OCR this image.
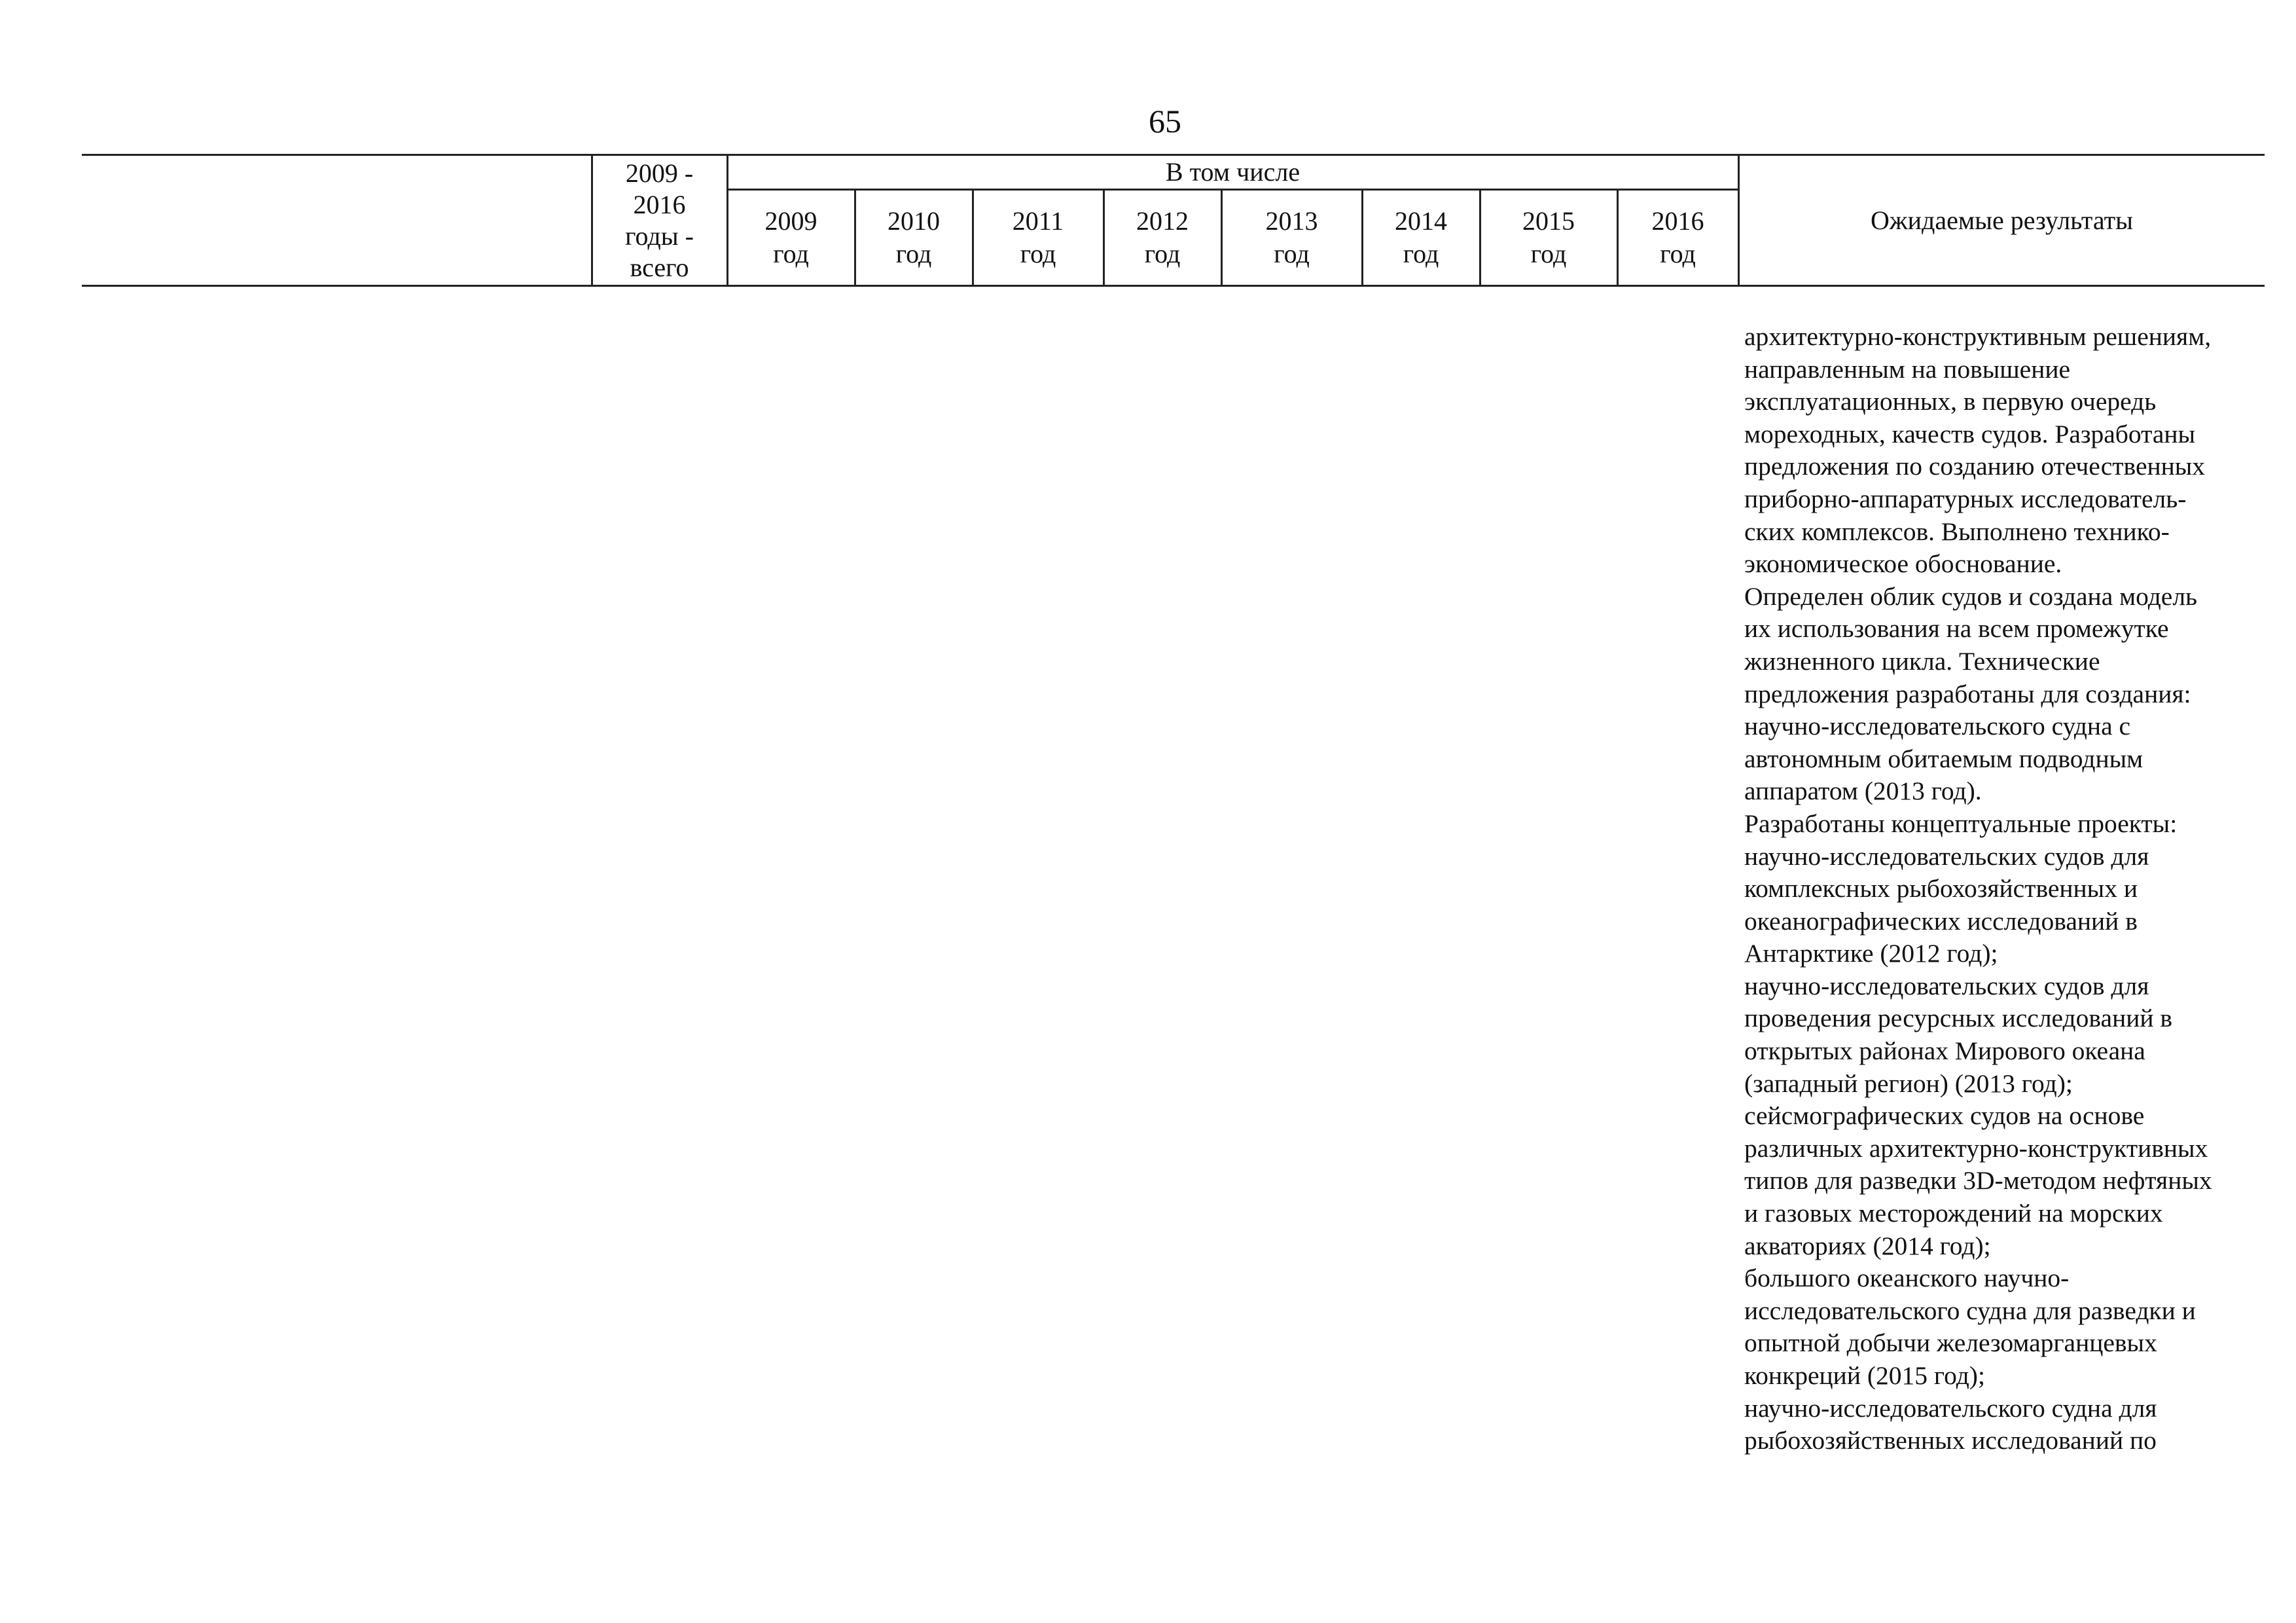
65
2009 -
2016
годы -
всего
В том числе
2009
год
2010
год
2011
год
2012
год
2013
год
2014
год
2015
год
2016
год
Ожидаемые результаты
архитектурно-конструктивным решениям,
направленным на повышение
эксплуатационных, в первую очередь
мореходных, качеств судов. Разработаны
предложения по созданию отечественных
приборно-аппаратурных исследователь-
ских комплексов. Выполнено технико-
экономическое обоснование.
Определен облик судов и создана модель
их использования на всем промежутке
жизненного цикла. Технические
предложения разработаны для создания:
научно-исследовательского судна с
автономным обитаемым подводным
аппаратом (2013 год).
Разработаны концептуальные проекты:
научно-исследовательских судов для
комплексных рыбохозяйственных и
океанографических исследований в
Антарктике (2012 год);
научно-исследовательских судов для
проведения ресурсных исследований в
открытых районах Мирового океана
(западный регион) (2013 год);
сейсмографических судов на основе
различных архитектурно-конструктивных
типов для разведки 3D-методом нефтяных
и газовых месторождений на морских
акваториях (2014 год);
большого океанского научно-
исследовательского судна для разведки и
опытной добычи железомарганцевых
конкреций (2015 год);
научно-исследовательского судна для
рыбохозяйственных исследований по
